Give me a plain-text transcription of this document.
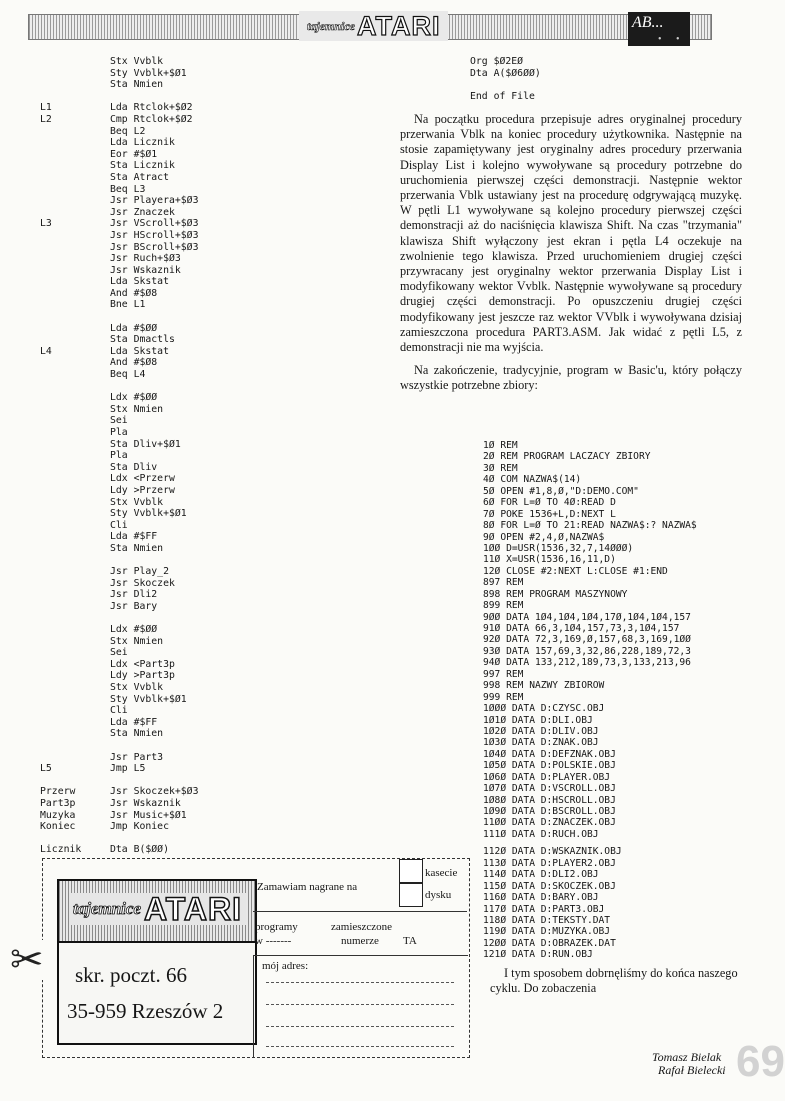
tajemnice ATARI	AB...
• •
Stx Vvblk
Sty Vvblk+$Ø1
Sta Nmien
L1	Lda Rtclok+$Ø2
L2	Cmp Rtclok+$Ø2
Beq L2
Lda Licznik
Eor #$Ø1
Sta Licznik
Sta Atract
Beq L3
Jsr Playera+$Ø3
Jsr Znaczek
L3	Jsr VScroll+$Ø3
Jsr HScroll+$Ø3
Jsr BScroll+$Ø3
Jsr Ruch+$Ø3
Jsr Wskaznik
Lda Skstat
And #$Ø8
Bne L1
Lda #$ØØ
Sta Dmactls
L4	Lda Skstat
And #$Ø8
Beq L4
Ldx #$ØØ
Stx Nmien
Sei
Pla
Sta Dliv+$Ø1
Pla
Sta Dliv
Ldx <Przerw
Ldy >Przerw
Stx Vvblk
Sty Vvblk+$Ø1
Cli
Lda #$FF
Sta Nmien
Jsr Play_2
Jsr Skoczek
Jsr Dli2
Jsr Bary
Ldx #$ØØ
Stx Nmien
Sei
Ldx <Part3p
Ldy >Part3p
Stx Vvblk
Sty Vvblk+$Ø1
Cli
Lda #$FF
Sta Nmien
Jsr Part3
L5	Jmp L5
Przerw	Jsr Skoczek+$Ø3
Part3p	Jsr Wskaznik
Muzyka	Jsr Music+$Ø1
Koniec	Jmp Koniec
Licznik	Dta B($ØØ)
Org $Ø2EØ
Dta A($Ø6ØØ)
End of File

Na początku procedura przepisuje adres oryginalnej procedury przerwania Vblk na koniec procedury użytkownika. Następnie na stosie zapamiętywany jest oryginalny adres procedury przerwania Display List i kolejno wywoływane są procedury potrzebne do uruchomienia pierwszej części demonstracji. Następnie wektor przerwania Vblk ustawiany jest na procedurę odgrywającą muzykę. W pętli L1 wywoływane są kolejno procedury pierwszej części demonstracji aż do naciśnięcia klawisza Shift. Na czas "trzymania" klawisza Shift wyłączony jest ekran i pętla L4 oczekuje na zwolnienie tego klawisza. Przed uruchomieniem drugiej części przywracany jest oryginalny wektor przerwania Display List i modyfikowany wektor Vvblk. Następnie wywoływane są procedury drugiej części demonstracji. Po opuszczeniu drugiej części modyfikowany jest jeszcze raz wektor VVblk i wywoływana dzisiaj zamieszczona procedura PART3.ASM. Jak widać z pętli L5, z demonstracji nie ma wyjścia.

Na zakończenie, tradycyjnie, program w Basic'u, który połączy wszystkie potrzebne zbiory:

1Ø REM
2Ø REM PROGRAM LACZACY ZBIORY
3Ø REM
4Ø COM NAZWA$(14)
5Ø OPEN #1,8,Ø,"D:DEMO.COM"
6Ø FOR L=Ø TO 4Ø:READ D
7Ø POKE 1536+L,D:NEXT L
8Ø FOR L=Ø TO 21:READ NAZWA$:? NAZWA$
9Ø OPEN #2,4,Ø,NAZWA$
1ØØ D=USR(1536,32,7,14ØØØ)
11Ø X=USR(1536,16,11,D)
12Ø CLOSE #2:NEXT L:CLOSE #1:END
897 REM
898 REM PROGRAM MASZYNOWY
899 REM
9ØØ DATA 1Ø4,1Ø4,1Ø4,17Ø,1Ø4,1Ø4,157
91Ø DATA 66,3,1Ø4,157,73,3,1Ø4,157
92Ø DATA 72,3,169,Ø,157,68,3,169,1ØØ
93Ø DATA 157,69,3,32,86,228,189,72,3
94Ø DATA 133,212,189,73,3,133,213,96
997 REM
998 REM NAZWY ZBIOROW
999 REM
1ØØØ DATA D:CZYSC.OBJ
1Ø1Ø DATA D:DLI.OBJ
1Ø2Ø DATA D:DLIV.OBJ
1Ø3Ø DATA D:ZNAK.OBJ
1Ø4Ø DATA D:DEFZNAK.OBJ
1Ø5Ø DATA D:POLSKIE.OBJ
1Ø6Ø DATA D:PLAYER.OBJ
1Ø7Ø DATA D:VSCROLL.OBJ
1Ø8Ø DATA D:HSCROLL.OBJ
1Ø9Ø DATA D:BSCROLL.OBJ
11ØØ DATA D:ZNACZEK.OBJ
111Ø DATA D:RUCH.OBJ
112Ø DATA D:WSKAZNIK.OBJ
113Ø DATA D:PLAYER2.OBJ
114Ø DATA D:DLI2.OBJ
115Ø DATA D:SKOCZEK.OBJ
116Ø DATA D:BARY.OBJ
117Ø DATA D:PART3.OBJ
118Ø DATA D:TEKSTY.DAT
119Ø DATA D:MUZYKA.OBJ
12ØØ DATA D:OBRAZEK.DAT
121Ø DATA D:RUN.OBJ
tajemnice ATARI
skr. poczt. 66
35-959 Rzeszów 2
Zamawiam nagrane na
kasecie
dysku
programy	zamieszczone
w -------	numerze TA
mój adres:
✂	I tym sposobem dobrnęliśmy do końca naszego cyklu. Do zobaczenia
Tomasz Bielak
Rafał Bielecki 69
